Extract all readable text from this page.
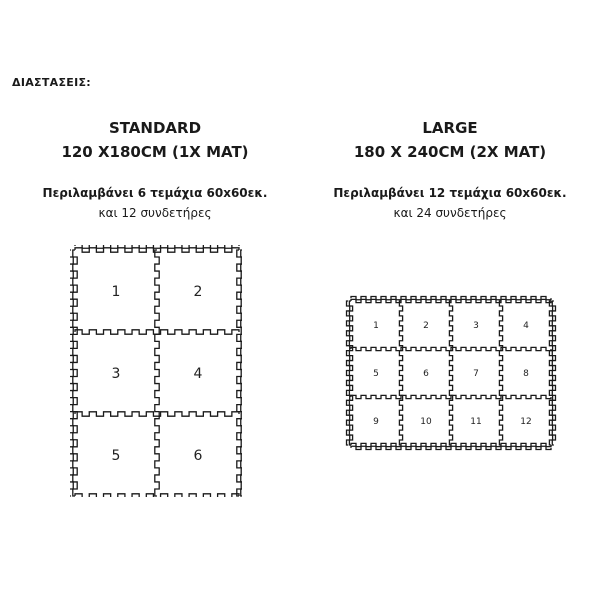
ΔΙΑΣΤΑΣΕΙΣ:
STANDARD
120 X180CM (1X MAT)
Περιλαμβάνει 6 τεμάχια 60x60εκ.
και 12 συνδετήρες
LARGE
180 X 240CM (2X MAT)
Περιλαμβάνει 12 τεμάχια 60x60εκ.
και 24 συνδετήρες
1	2
3	4
5	6
1	2	3	4
5	6	7	8
9	10	11	12
